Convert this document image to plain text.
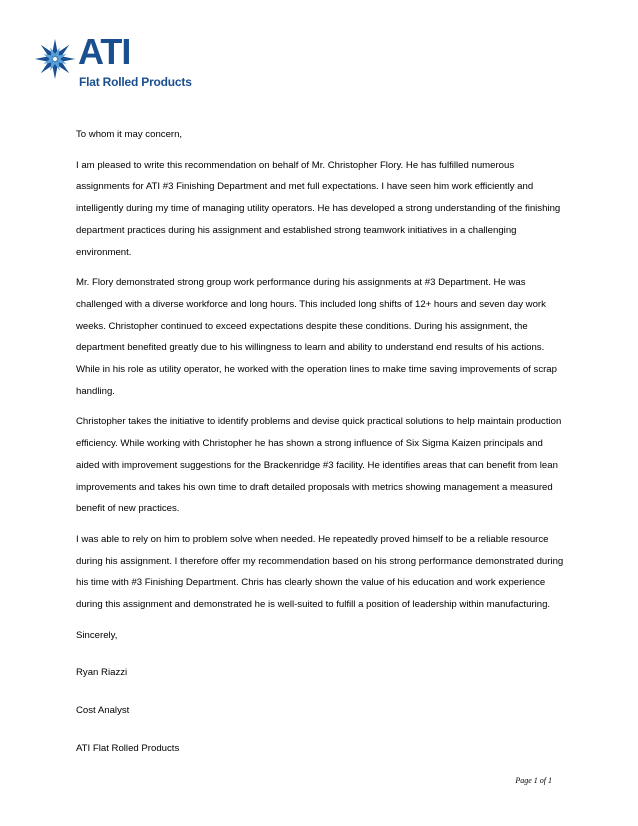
ATI
Flat Rolled Products

To whom it may concern,

I am pleased to write this recommendation on behalf of Mr. Christopher Flory. He has fulfilled numerous assignments for ATI #3 Finishing Department and met full expectations. I have seen him work efficiently and intelligently during my time of managing utility operators. He has developed a strong understanding of the finishing department practices during his assignment and established strong teamwork initiatives in a challenging environment.

Mr. Flory demonstrated strong group work performance during his assignments at #3 Department. He was challenged with a diverse workforce and long hours. This included long shifts of 12+ hours and seven day work weeks. Christopher continued to exceed expectations despite these conditions. During his assignment, the department benefited greatly due to his willingness to learn and ability to understand end results of his actions. While in his role as utility operator, he worked with the operation lines to make time saving improvements of scrap handling.

Christopher takes the initiative to identify problems and devise quick practical solutions to help maintain production efficiency. While working with Christopher he has shown a strong influence of Six Sigma Kaizen principals and aided with improvement suggestions for the Brackenridge #3 facility. He identifies areas that can benefit from lean improvements and takes his own time to draft detailed proposals with metrics showing management a measured benefit of new practices.

I was able to rely on him to problem solve when needed. He repeatedly proved himself to be a reliable resource during his assignment. I therefore offer my recommendation based on his strong performance demonstrated during his time with #3 Finishing Department. Chris has clearly shown the value of his education and work experience during this assignment and demonstrated he is well-suited to fulfill a position of leadership within manufacturing.

Sincerely,

Ryan Riazzi

Cost Analyst

ATI Flat Rolled Products

Page 1 of 1
